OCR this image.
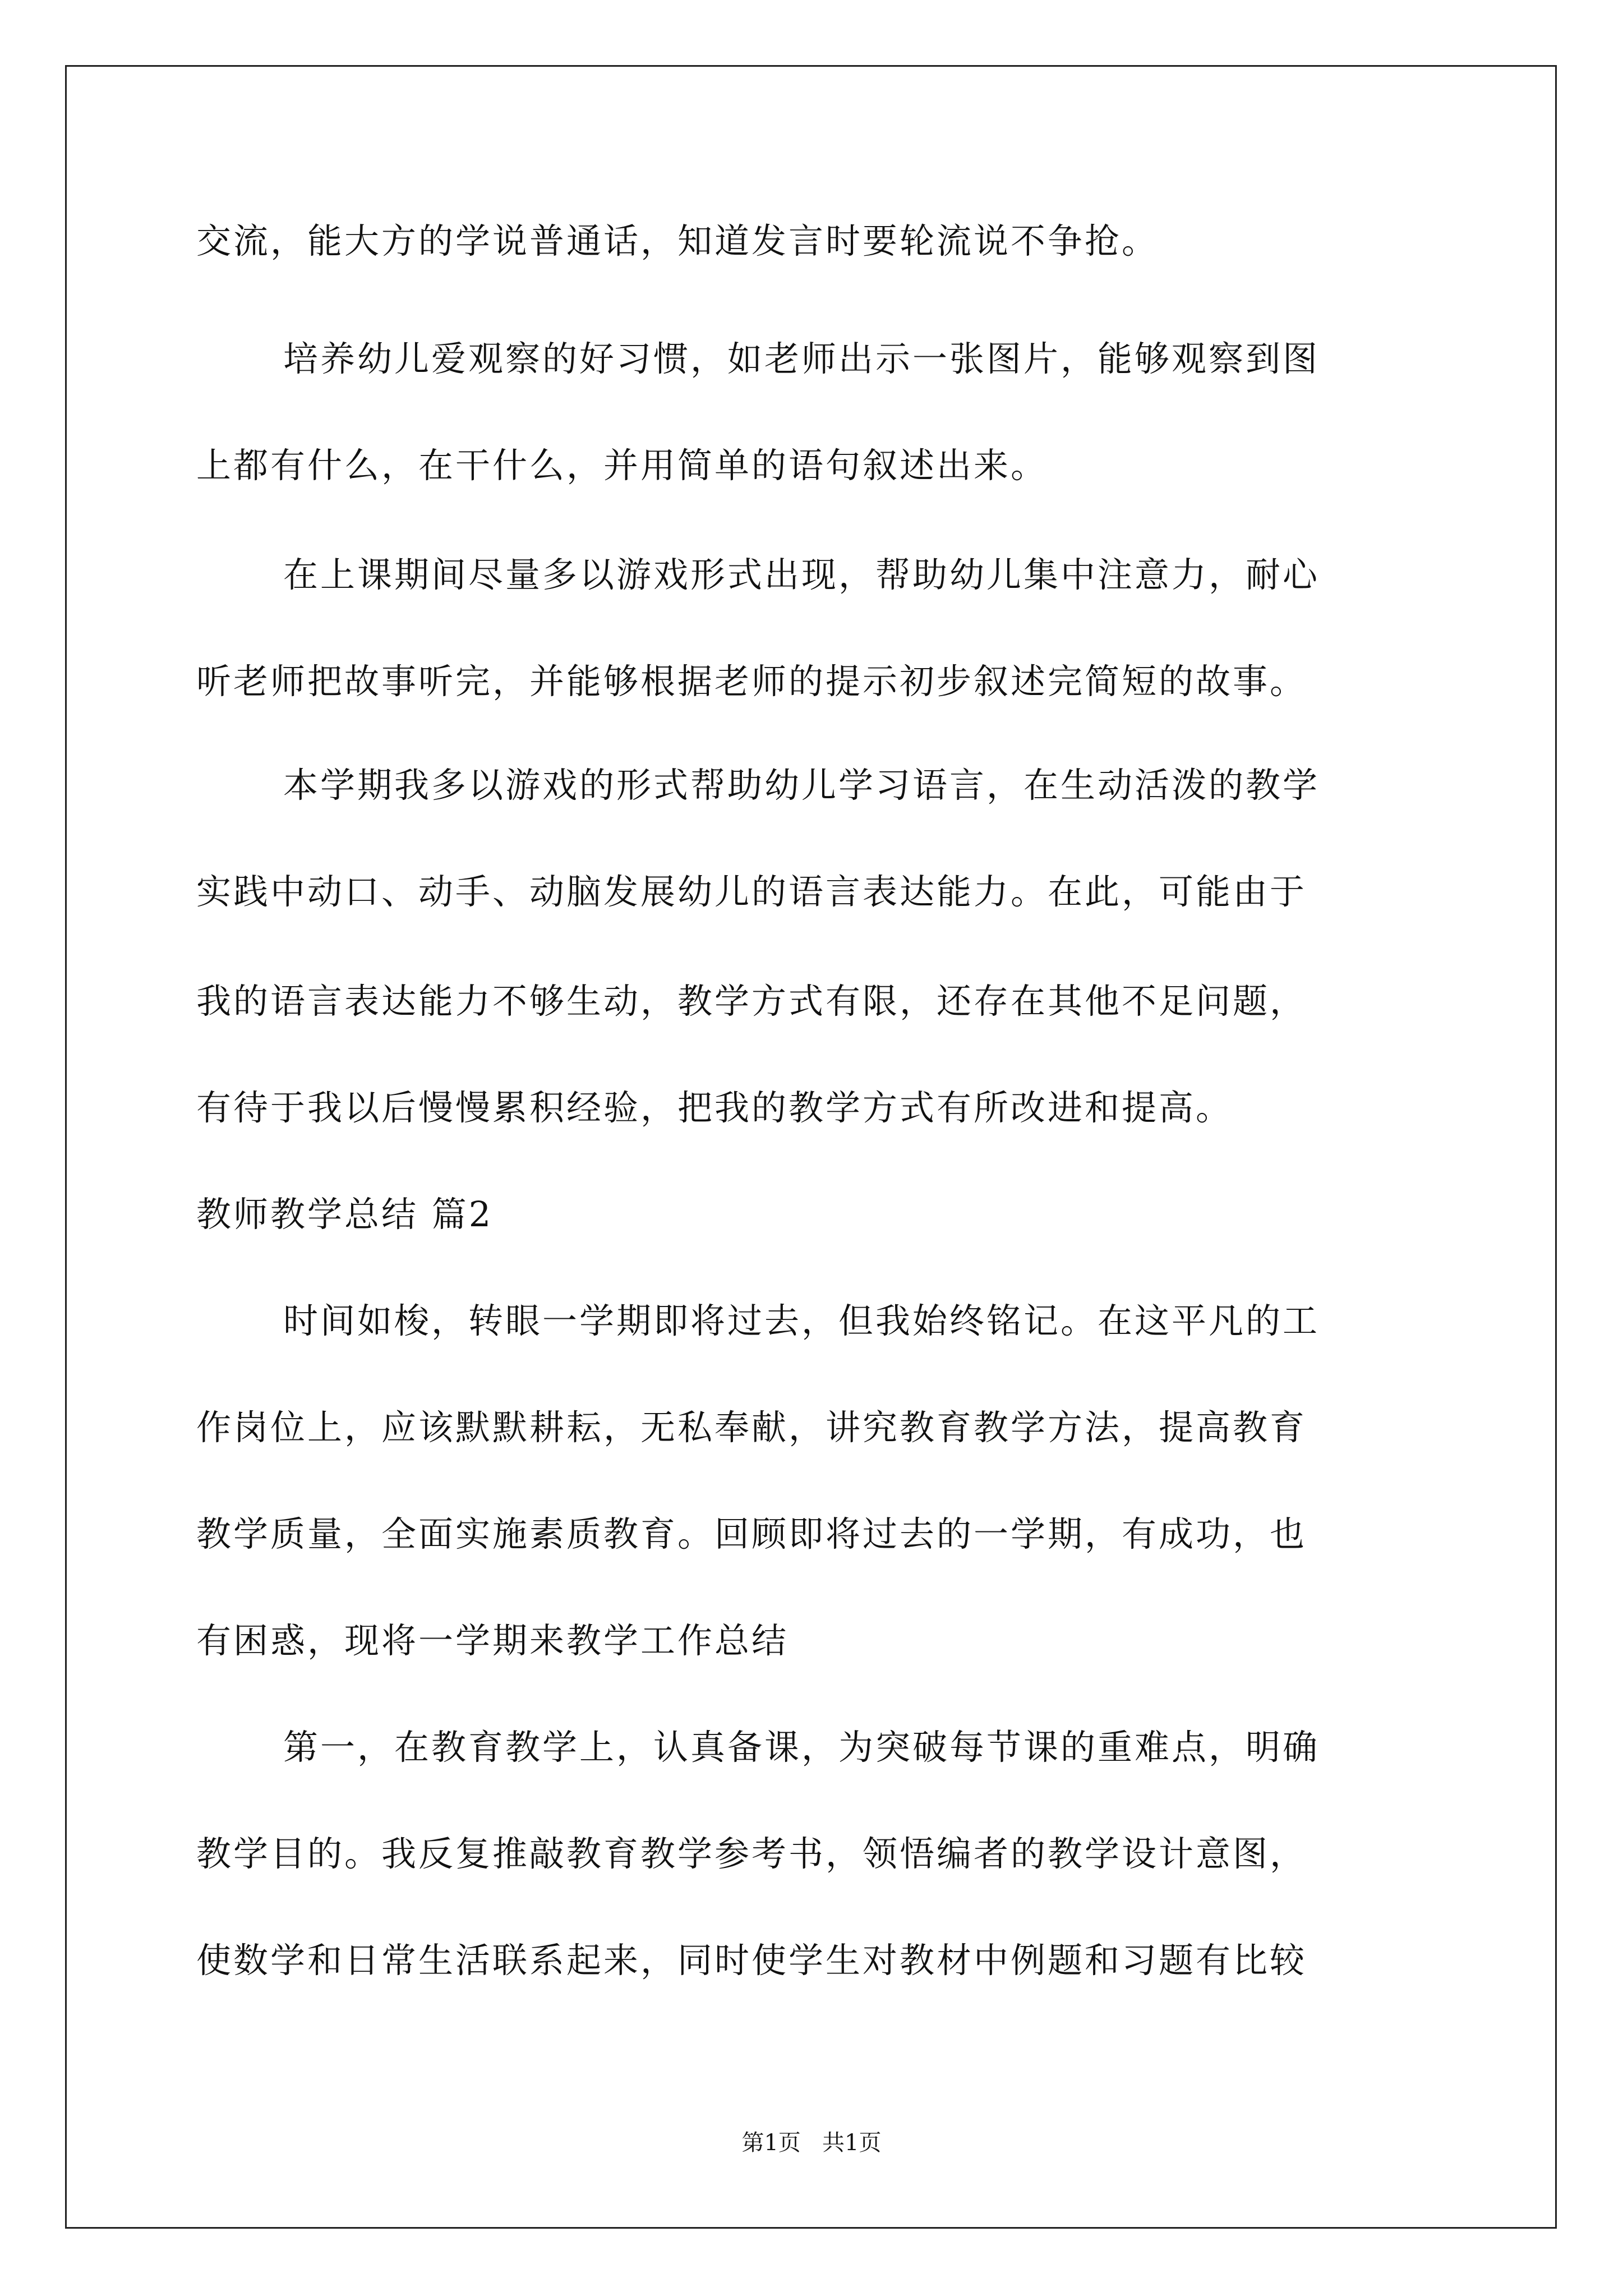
交流，能大方的学说普通话，知道发言时要轮流说不争抢。
培养幼儿爱观察的好习惯，如老师出示一张图片，能够观察到图
上都有什么，在干什么，并用简单的语句叙述出来。
在上课期间尽量多以游戏形式出现，帮助幼儿集中注意力，耐心
听老师把故事听完，并能够根据老师的提示初步叙述完简短的故事。
本学期我多以游戏的形式帮助幼儿学习语言，在生动活泼的教学
实践中动口、动手、动脑发展幼儿的语言表达能力。在此，可能由于
我的语言表达能力不够生动，教学方式有限，还存在其他不足问题，
有待于我以后慢慢累积经验，把我的教学方式有所改进和提高。
教师教学总结 篇2
时间如梭，转眼一学期即将过去，但我始终铭记。在这平凡的工
作岗位上，应该默默耕耘，无私奉献，讲究教育教学方法，提高教育
教学质量，全面实施素质教育。回顾即将过去的一学期，有成功，也
有困惑，现将一学期来教学工作总结
第一，在教育教学上，认真备课，为突破每节课的重难点，明确
教学目的。我反复推敲教育教学参考书，领悟编者的教学设计意图，
使数学和日常生活联系起来，同时使学生对教材中例题和习题有比较
第1页   共1页
